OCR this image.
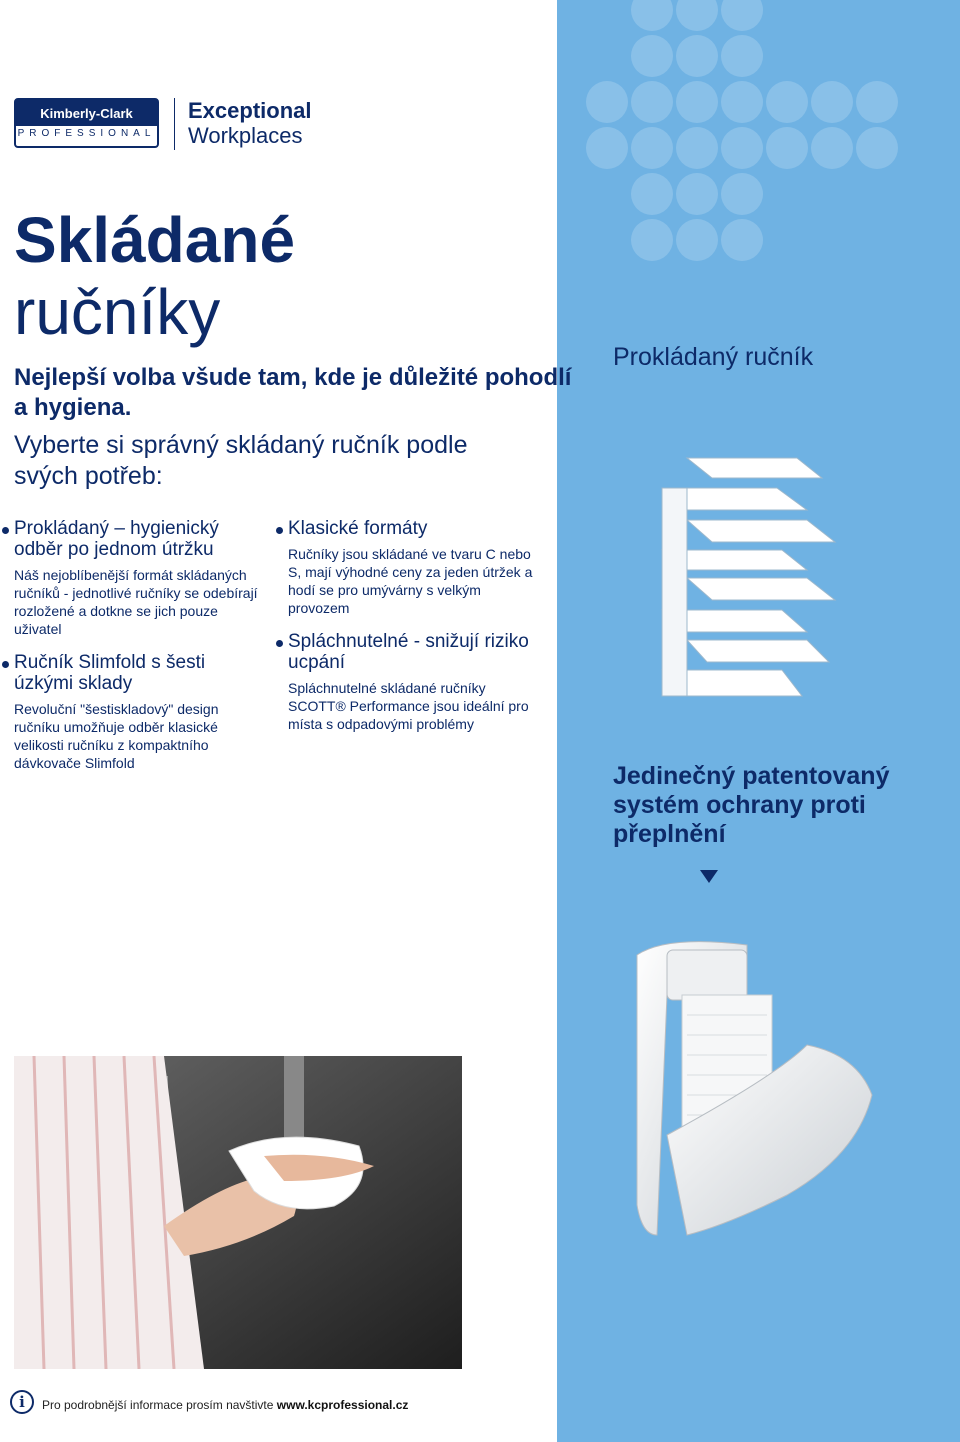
Prokládaný ručník
Jedinečný patentovaný systém ochrany proti přeplnění
Kimberly-Clark
PROFESSIONAL
Exceptional
Workplaces
Skládané
ručníky
Nejlepší volba všude tam, kde je důležité pohodlí a hygiena.
Vyberte si správný skládaný ručník podle svých potřeb:
Prokládaný – hygienický odběr po jednom útržku
Náš nejoblíbenější formát skládaných ručníků - jednotlivé ručníky se odebírají rozložené a dotkne se jich pouze uživatel
Ručník Slimfold s šesti úzkými sklady
Revoluční "šestiskladový" design ručníku umožňuje odběr klasické velikosti ručníku z kompaktního dávkovače Slimfold
Klasické formáty
Ručníky jsou skládané ve tvaru C nebo S, mají výhodné ceny za jeden útržek a hodí se pro umývárny s velkým provozem
Spláchnutelné - snižují riziko ucpání
Spláchnutelné skládané ručníky SCOTT® Performance jsou ideální pro místa s odpadovými problémy
i	Pro podrobnější informace prosím navštivte www.kcprofessional.cz
